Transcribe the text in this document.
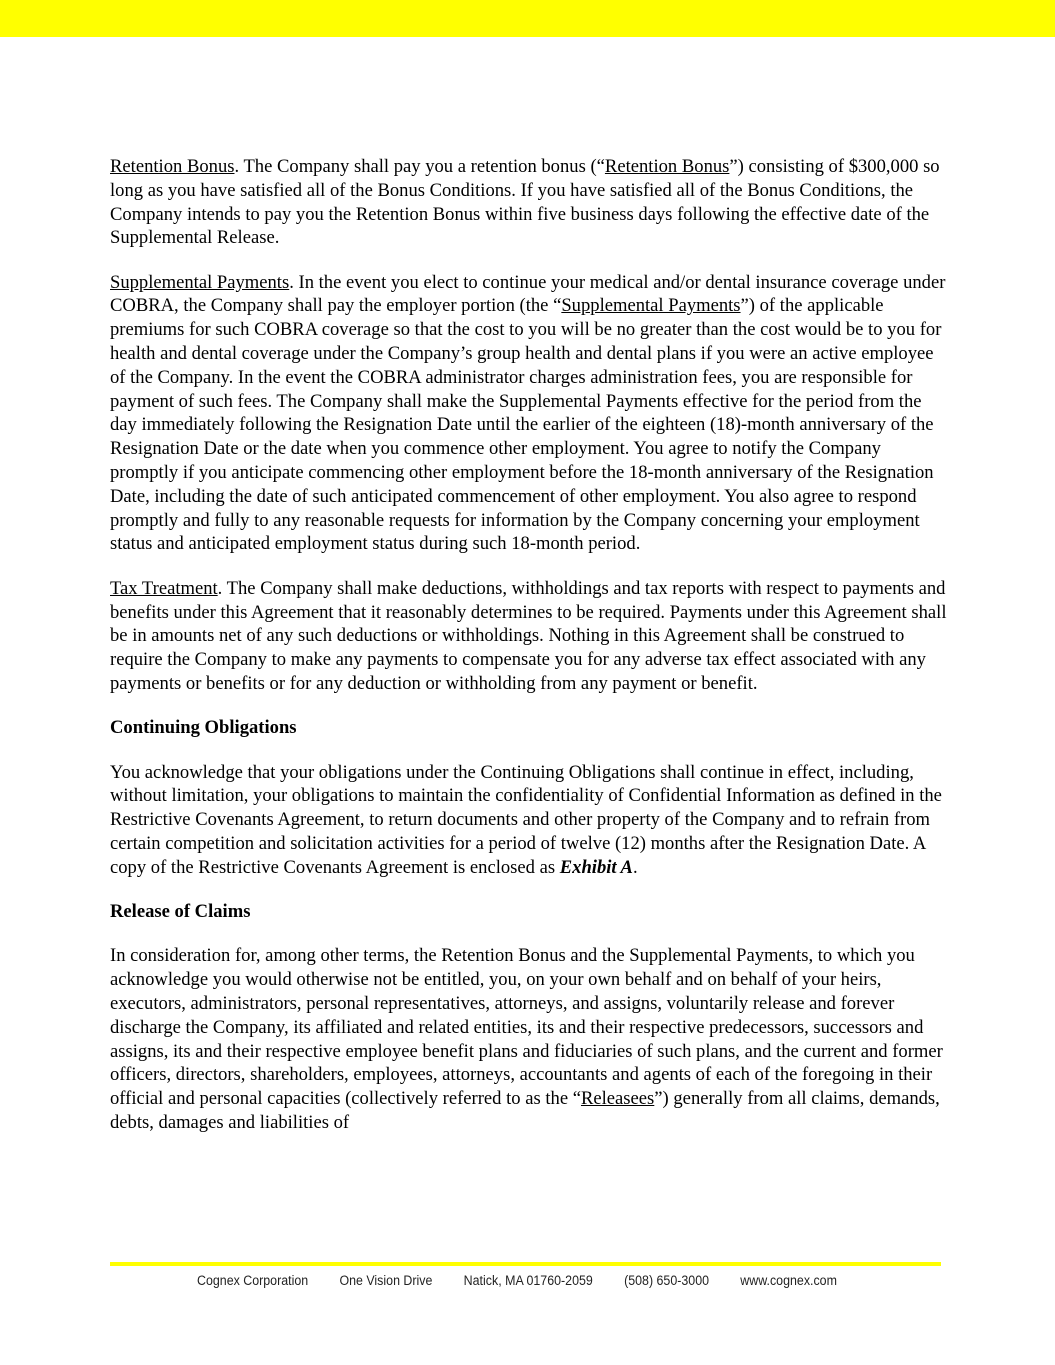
Retention Bonus. The Company shall pay you a retention bonus (“Retention Bonus”) consisting of $300,000 so long as you have satisfied all of the Bonus Conditions. If you have satisfied all of the Bonus Conditions, the Company intends to pay you the Retention Bonus within five business days following the effective date of the Supplemental Release.

Supplemental Payments. In the event you elect to continue your medical and/or dental insurance coverage under COBRA, the Company shall pay the employer portion (the “Supplemental Payments”) of the applicable premiums for such COBRA coverage so that the cost to you will be no greater than the cost would be to you for health and dental coverage under the Company’s group health and dental plans if you were an active employee of the Company. In the event the COBRA administrator charges administration fees, you are responsible for payment of such fees. The Company shall make the Supplemental Payments effective for the period from the day immediately following the Resignation Date until the earlier of the eighteen (18)-month anniversary of the Resignation Date or the date when you commence other employment. You agree to notify the Company promptly if you anticipate commencing other employment before the 18-month anniversary of the Resignation Date, including the date of such anticipated commencement of other employment. You also agree to respond promptly and fully to any reasonable requests for information by the Company concerning your employment status and anticipated employment status during such 18-month period.

Tax Treatment. The Company shall make deductions, withholdings and tax reports with respect to payments and benefits under this Agreement that it reasonably determines to be required. Payments under this Agreement shall be in amounts net of any such deductions or withholdings. Nothing in this Agreement shall be construed to require the Company to make any payments to compensate you for any adverse tax effect associated with any payments or benefits or for any deduction or withholding from any payment or benefit.

Continuing Obligations

You acknowledge that your obligations under the Continuing Obligations shall continue in effect, including, without limitation, your obligations to maintain the confidentiality of Confidential Information as defined in the Restrictive Covenants Agreement, to return documents and other property of the Company and to refrain from certain competition and solicitation activities for a period of twelve (12) months after the Resignation Date. A copy of the Restrictive Covenants Agreement is enclosed as Exhibit A.

Release of Claims

In consideration for, among other terms, the Retention Bonus and the Supplemental Payments, to which you acknowledge you would otherwise not be entitled, you, on your own behalf and on behalf of your heirs, executors, administrators, personal representatives, attorneys, and assigns, voluntarily release and forever discharge the Company, its affiliated and related entities, its and their respective predecessors, successors and assigns, its and their respective employee benefit plans and fiduciaries of such plans, and the current and former officers, directors, shareholders, employees, attorneys, accountants and agents of each of the foregoing in their official and personal capacities (collectively referred to as the “Releasees”) generally from all claims, demands, debts, damages and liabilities of

Cognex Corporation One Vision Drive Natick, MA 01760-2059 (508) 650-3000 www.cognex.com
